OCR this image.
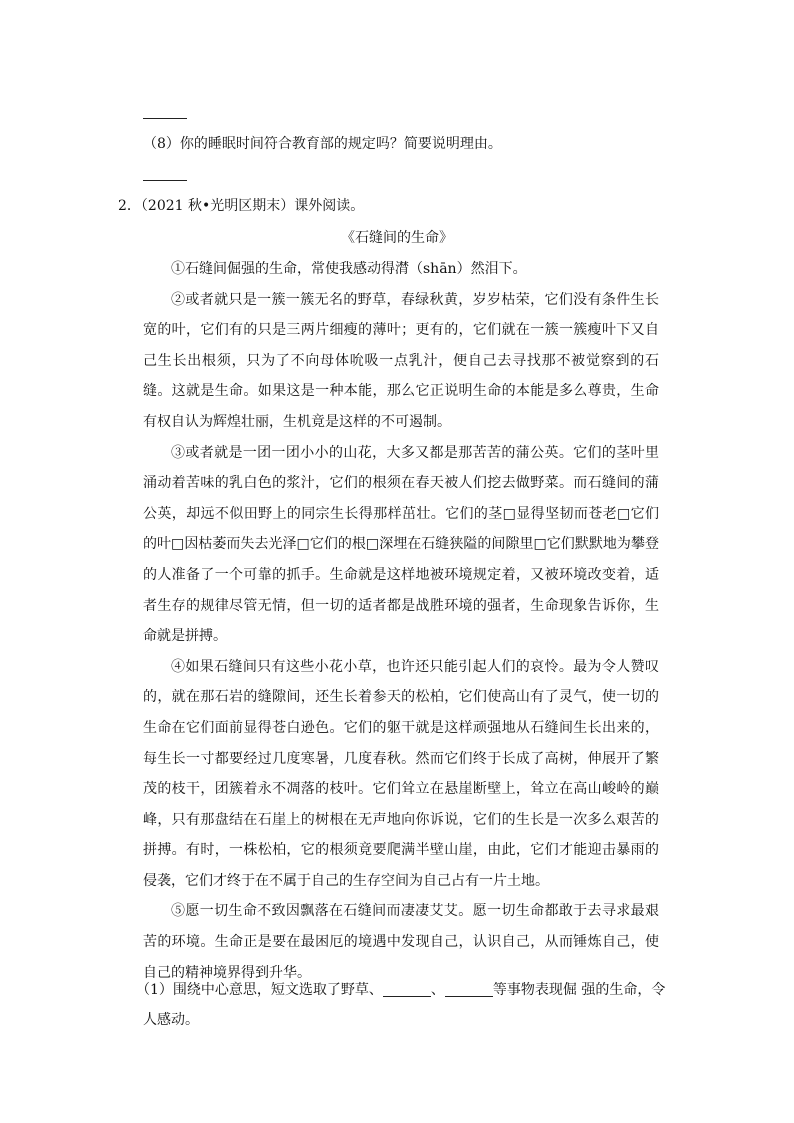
（8）你的睡眠时间符合教育部的规定吗？简要说明理由。
2．（2021 秋•光明区期末）课外阅读。
《石缝间的生命》

①石缝间倔强的生命，常使我感动得潸（shān）然泪下。

②或者就只是一簇一簇无名的野草，春绿秋黄，岁岁枯荣，它们没有条件生长宽的叶，它们有的只是三两片细瘦的薄叶；更有的，它们就在一簇一簇瘦叶下又自己生长出根须，只为了不向母体吮吸一点乳汁，便自己去寻找那不被觉察到的石缝。这就是生命。如果这是一种本能，那么它正说明生命的本能是多么尊贵，生命有权自认为辉煌壮丽，生机竟是这样的不可遏制。

③或者就是一团一团小小的山花，大多又都是那苦苦的蒲公英。它们的茎叶里涌动着苦味的乳白色的浆汁，它们的根须在春天被人们挖去做野菜。而石缝间的蒲公英，却远不似田野上的同宗生长得那样茁壮。它们的茎□显得坚韧而苍老□它们的叶□因枯萎而失去光泽□它们的根□深埋在石缝狭隘的间隙里□它们默默地为攀登的人准备了一个可靠的抓手。生命就是这样地被环境规定着，又被环境改变着，适者生存的规律尽管无情，但一切的适者都是战胜环境的强者，生命现象告诉你，生命就是拼搏。

④如果石缝间只有这些小花小草，也许还只能引起人们的哀怜。最为令人赞叹的，就在那石岩的缝隙间，还生长着参天的松柏，它们使高山有了灵气，使一切的生命在它们面前显得苍白逊色。它们的躯干就是这样顽强地从石缝间生长出来的，每生长一寸都要经过几度寒暑，几度春秋。然而它们终于长成了高树，伸展开了繁茂的枝干，团簇着永不凋落的枝叶。它们耸立在悬崖断壁上，耸立在高山峻岭的巅峰，只有那盘结在石崖上的树根在无声地向你诉说，它们的生长是一次多么艰苦的拼搏。有时，一株松柏，它的根须竟要爬满半壁山崖，由此，它们才能迎击暴雨的侵袭，它们才终于在不属于自己的生存空间为自己占有一片土地。

⑤愿一切生命不致因飘落在石缝间而凄凄艾艾。愿一切生命都敢于去寻求最艰苦的环境。生命正是要在最困厄的境遇中发现自己，认识自己，从而锤炼自己，使自己的精神境界得到升华。

（1）围绕中心意思，短文选取了野草、	、	等事物表现倔 强的生命，令
人感动。
